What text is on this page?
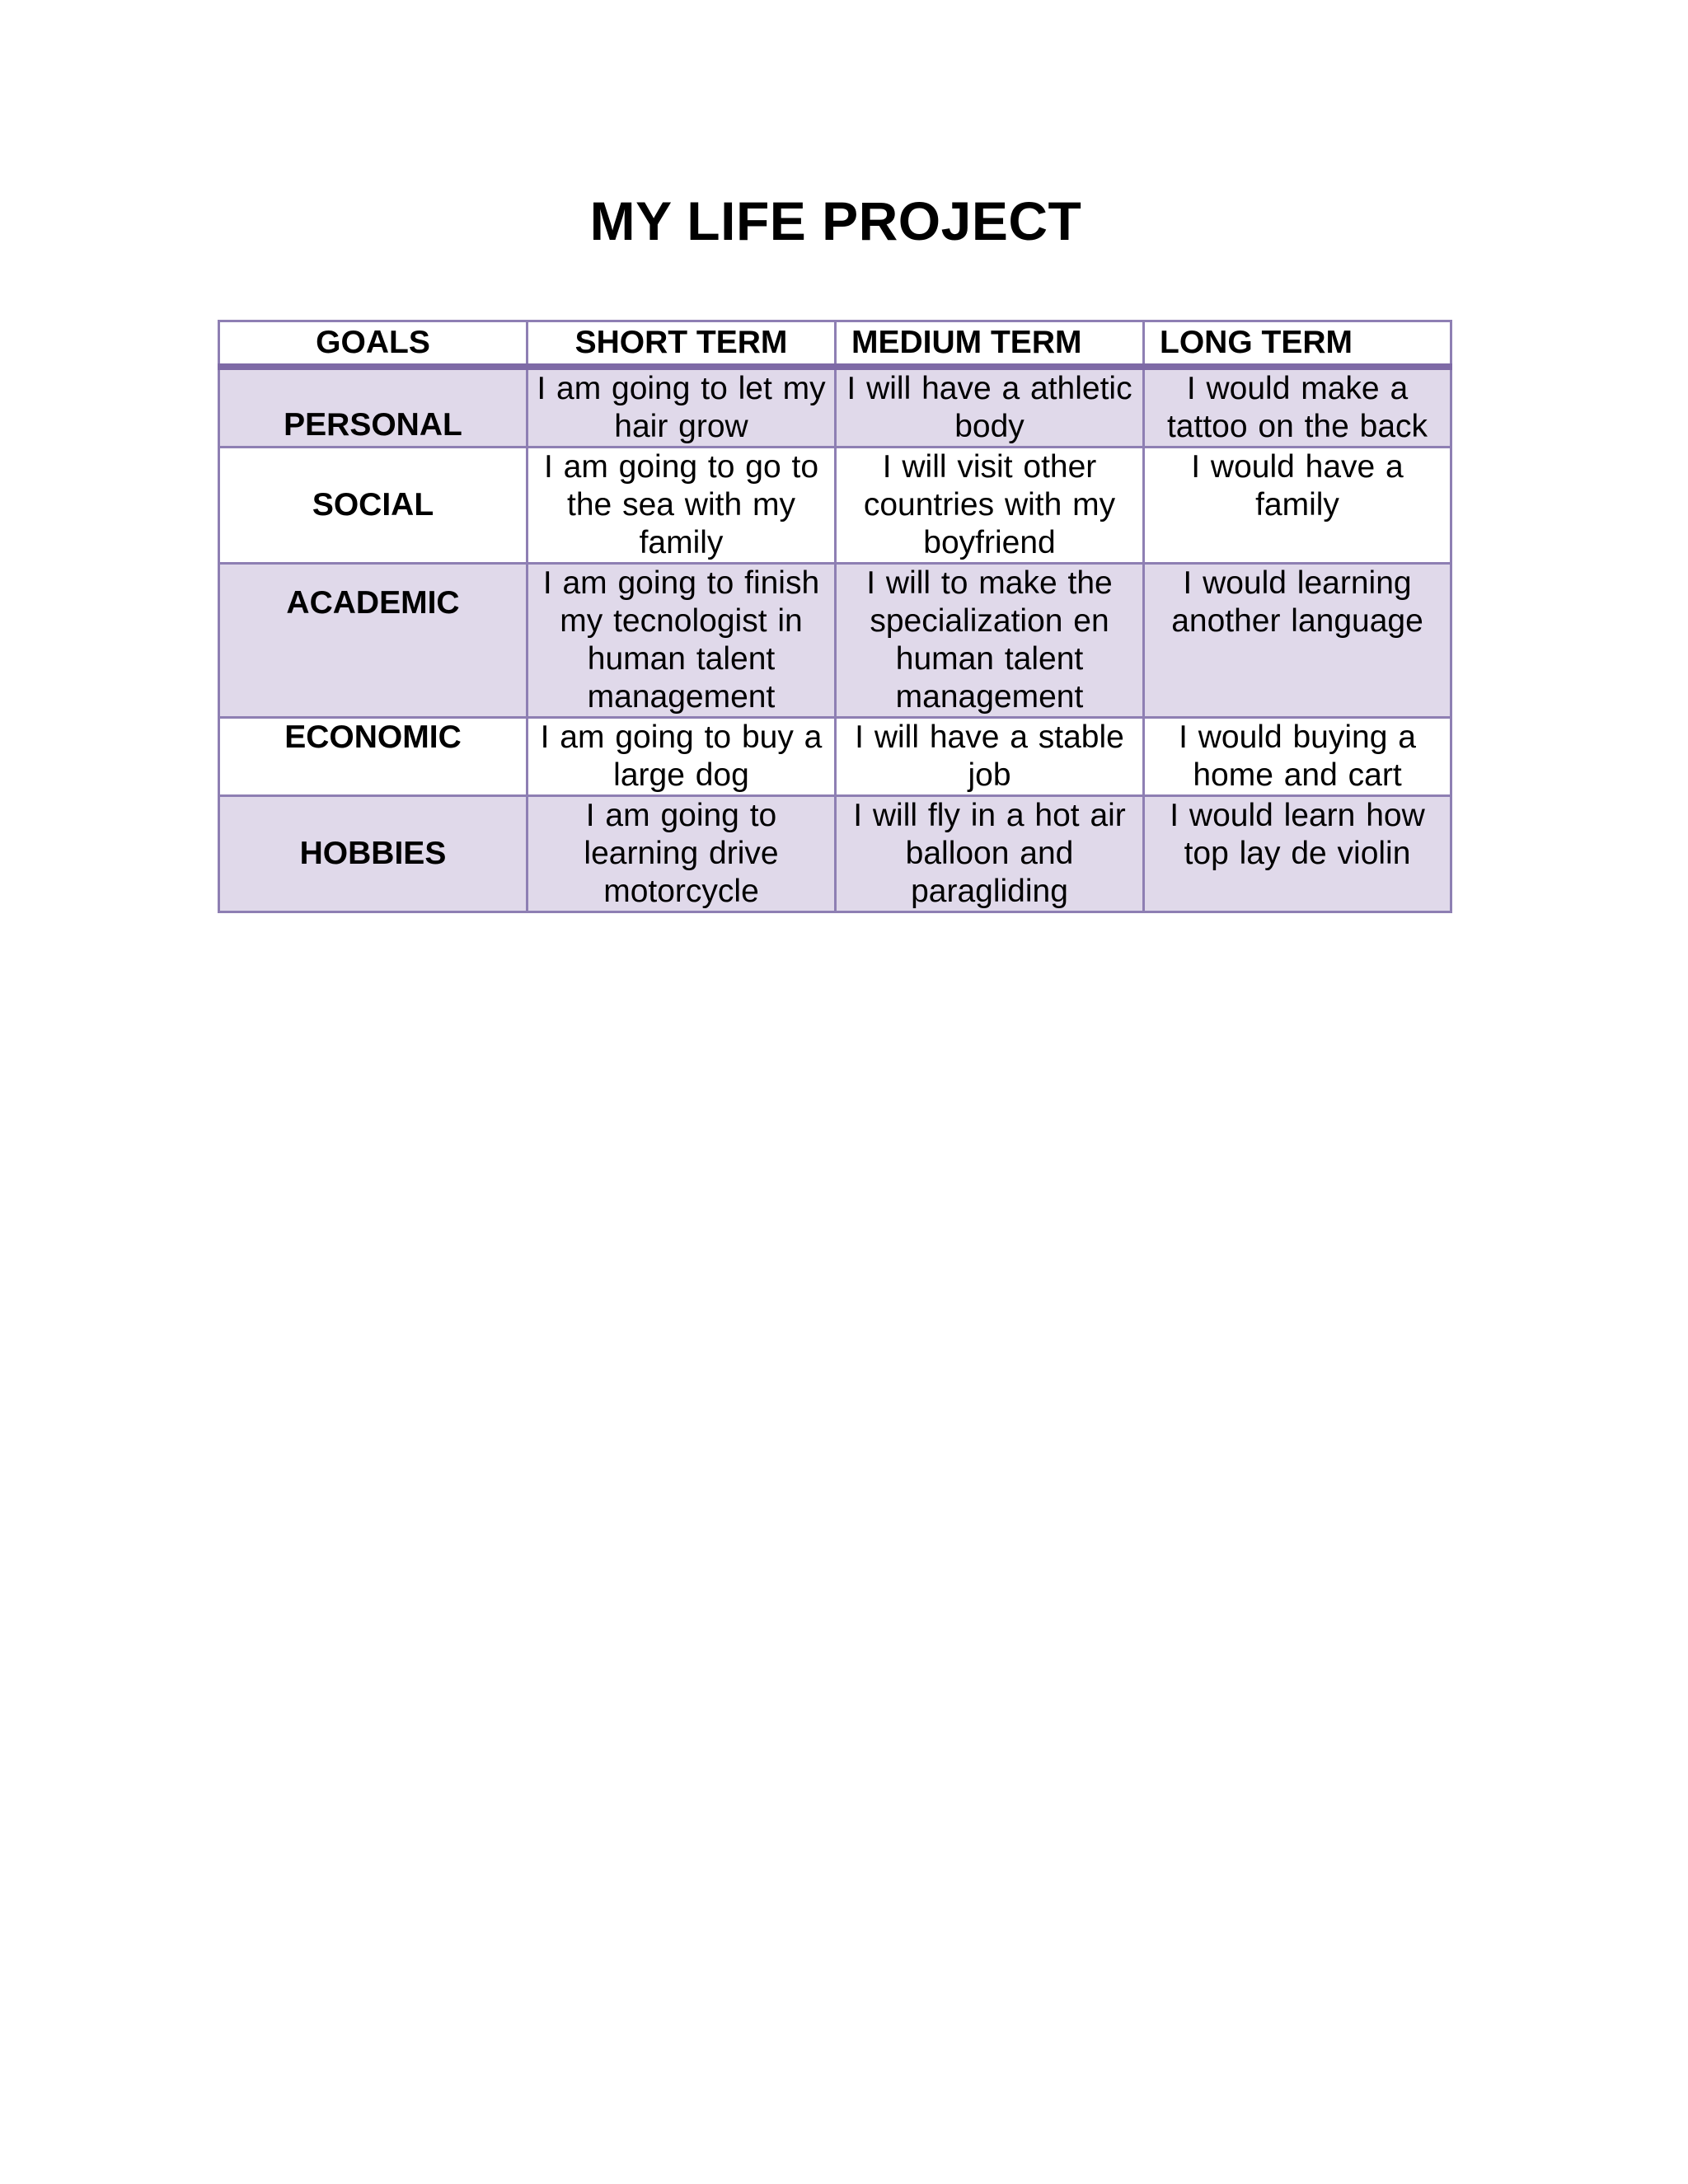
MY LIFE PROJECT
GOALS	SHORT TERM	MEDIUM TERM	LONG TERM
PERSONAL	I am going to let my hair grow	I will have a athletic body	I would make a tattoo on the back
SOCIAL	I am going to go to the sea with my family	I will visit other countries with my boyfriend	I would have a family
ACADEMIC	I am going to finish my tecnologist in human talent management	I will to make the specialization en human talent management	I would learning another language
ECONOMIC	I am going to buy a large dog	I will have a stable job	I would buying a home and cart
HOBBIES	I am going to learning drive motorcycle	I will fly in a hot air balloon and paragliding	I would learn how top lay de violin
